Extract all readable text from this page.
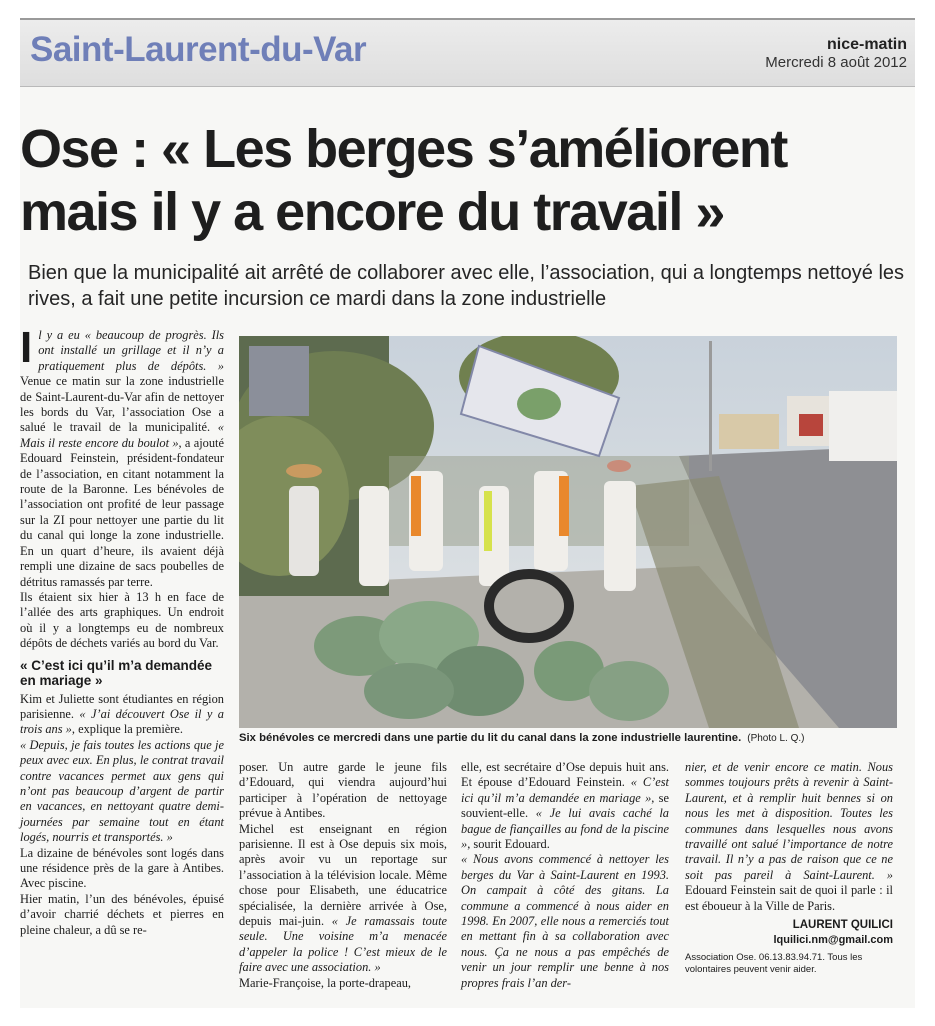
Saint-Laurent-du-Var	nice-matin
Mercredi 8 août 2012
Ose : « Les berges s’améliorent
mais il y a encore du travail »
Bien que la municipalité ait arrêté de collaborer avec elle, l’association, qui a longtemps nettoyé les rives, a fait une petite incursion ce mardi dans la zone industrielle

Il y a eu « beaucoup de progrès. Ils ont installé un grillage et il n’y a pratiquement plus de dépôts. » Venue ce matin sur la zone industrielle de Saint-Laurent-du-Var afin de nettoyer les bords du Var, l’association Ose a salué le travail de la municipalité. « Mais il reste encore du boulot », a ajouté Edouard Feinstein, président-fondateur de l’association, en citant notamment la route de la Baronne. Les bénévoles de l’association ont profité de leur passage sur la ZI pour nettoyer une partie du lit du canal qui longe la zone industrielle. En un quart d’heure, ils avaient déjà rempli une dizaine de sacs poubelles de détritus ramassés par terre.

Ils étaient six hier à 13 h en face de l’allée des arts graphiques. Un endroit où il y a longtemps eu de nombreux dépôts de déchets variés au bord du Var.

« C’est ici qu’il m’a demandée en mariage »

Kim et Juliette sont étudiantes en région parisienne. « J’ai découvert Ose il y a trois ans », explique la première.

« Depuis, je fais toutes les actions que je peux avec eux. En plus, le contrat travail contre vacances permet aux gens qui n’ont pas beaucoup d’argent de partir en vacances, en nettoyant quatre demi-journées par semaine tout en étant logés, nourris et transportés. »

La dizaine de bénévoles sont logés dans une résidence près de la gare à Antibes. Avec piscine.

Hier matin, l’un des bénévoles, épuisé d’avoir charrié déchets et pierres en pleine chaleur, a dû se re-

Six bénévoles ce mercredi dans une partie du lit du canal dans la zone industrielle laurentine. (Photo L. Q.)

poser. Un autre garde le jeune fils d’Edouard, qui viendra aujourd’hui participer à l’opération de nettoyage prévue à Antibes.

Michel est enseignant en région parisienne. Il est à Ose depuis six mois, après avoir vu un reportage sur l’association à la télévision locale. Même chose pour Elisabeth, une éducatrice spécialisée, la dernière arrivée à Ose, depuis mai-juin. « Je ramassais toute seule. Une voisine m’a menacée d’appeler la police ! C’est mieux de le faire avec une association. »

Marie-Françoise, la porte-drapeau,

elle, est secrétaire d’Ose depuis huit ans. Et épouse d’Edouard Feinstein. « C’est ici qu’il m’a demandée en mariage », se souvient-elle. « Je lui avais caché la bague de fiançailles au fond de la piscine », sourit Edouard.

« Nous avons commencé à nettoyer les berges du Var à Saint-Laurent en 1993. On campait à côté des gitans. La commune a commencé à nous aider en 1998. En 2007, elle nous a remerciés tout en mettant fin à sa collaboration avec nous. Ça ne nous a pas empêchés de venir un jour remplir une benne à nos propres frais l’an der-

nier, et de venir encore ce matin. Nous sommes toujours prêts à revenir à Saint-Laurent, et à remplir huit bennes si on nous les met à disposition. Toutes les communes dans lesquelles nous avons travaillé ont salué l’importance de notre travail. Il n’y a pas de raison que ce ne soit pas pareil à Saint-Laurent. » Edouard Feinstein sait de quoi il parle : il est éboueur à la Ville de Paris.

LAURENT QUILICI
lquilici.nm@gmail.com
Association Ose. 06.13.83.94.71. Tous les volontaires peuvent venir aider.
